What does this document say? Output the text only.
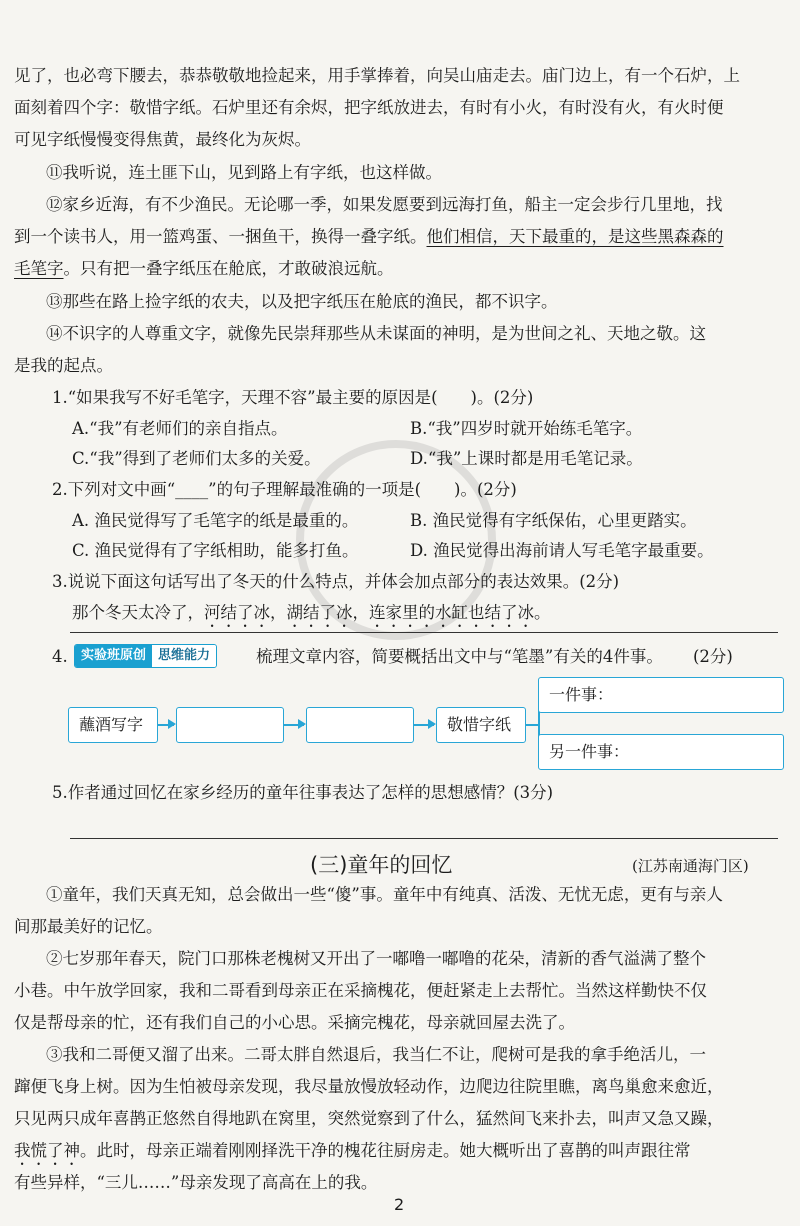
见了，也必弯下腰去，恭恭敬敬地捡起来，用手掌捧着，向吴山庙走去。庙门边上，有一个石炉，上
面刻着四个字：敬惜字纸。石炉里还有余烬，把字纸放进去，有时有小火，有时没有火，有火时便
可见字纸慢慢变得焦黄，最终化为灰烬。
⑪我听说，连土匪下山，见到路上有字纸，也这样做。
⑫家乡近海，有不少渔民。无论哪一季，如果发愿要到远海打鱼，船主一定会步行几里地，找
到一个读书人，用一篮鸡蛋、一捆鱼干，换得一叠字纸。他们相信，天下最重的，是这些黑森森的
毛笔字。只有把一叠字纸压在舱底，才敢破浪远航。
⑬那些在路上捡字纸的农夫，以及把字纸压在舱底的渔民，都不识字。
⑭不识字的人尊重文字，就像先民崇拜那些从未谋面的神明，是为世间之礼、天地之敬。这
是我的起点。
1.“如果我写不好毛笔字，天理不容”最主要的原因是(　　)。(2分)
A.“我”有老师们的亲自指点。	B.“我”四岁时就开始练毛笔字。
C.“我”得到了老师们太多的关爱。	D.“我”上课时都是用毛笔记录。
2.下列对文中画“____”的句子理解最准确的一项是(　　)。(2分)
A. 渔民觉得写了毛笔字的纸是最重的。	B. 渔民觉得有字纸保佑，心里更踏实。
C. 渔民觉得有了字纸相助，能多打鱼。	D. 渔民觉得出海前请人写毛笔字最重要。
3.说说下面这句话写出了冬天的什么特点，并体会加点部分的表达效果。(2分)
那个冬天太冷了，河结了冰，湖结了冰，连家里的水缸也结了冰。
4.	实验班原创 思维能力	梳理文章内容，简要概括出文中与“笔墨”有关的4件事。 (2分)
蘸酒写字	敬惜字纸
一件事：
另一件事：
5.作者通过回忆在家乡经历的童年往事表达了怎样的思想感情？(3分)
(三)童年的回忆	(江苏南通海门区)
①童年，我们天真无知，总会做出一些“傻”事。童年中有纯真、活泼、无忧无虑，更有与亲人
间那最美好的记忆。
②七岁那年春天，院门口那株老槐树又开出了一嘟噜一嘟噜的花朵，清新的香气溢满了整个
小巷。中午放学回家，我和二哥看到母亲正在采摘槐花，便赶紧走上去帮忙。当然这样勤快不仅
仅是帮母亲的忙，还有我们自己的小心思。采摘完槐花，母亲就回屋去洗了。
③我和二哥便又溜了出来。二哥太胖自然退后，我当仁不让，爬树可是我的拿手绝活儿，一
蹿便飞身上树。因为生怕被母亲发现，我尽量放慢放轻动作，边爬边往院里瞧，离鸟巢愈来愈近，
只见两只成年喜鹊正悠然自得地趴在窝里，突然觉察到了什么，猛然间飞来扑去，叫声又急又躁，
我慌了神。此时，母亲正端着刚刚择洗干净的槐花往厨房走。她大概听出了喜鹊的叫声跟往常
有些异样，“三儿……”母亲发现了高高在上的我。
2
